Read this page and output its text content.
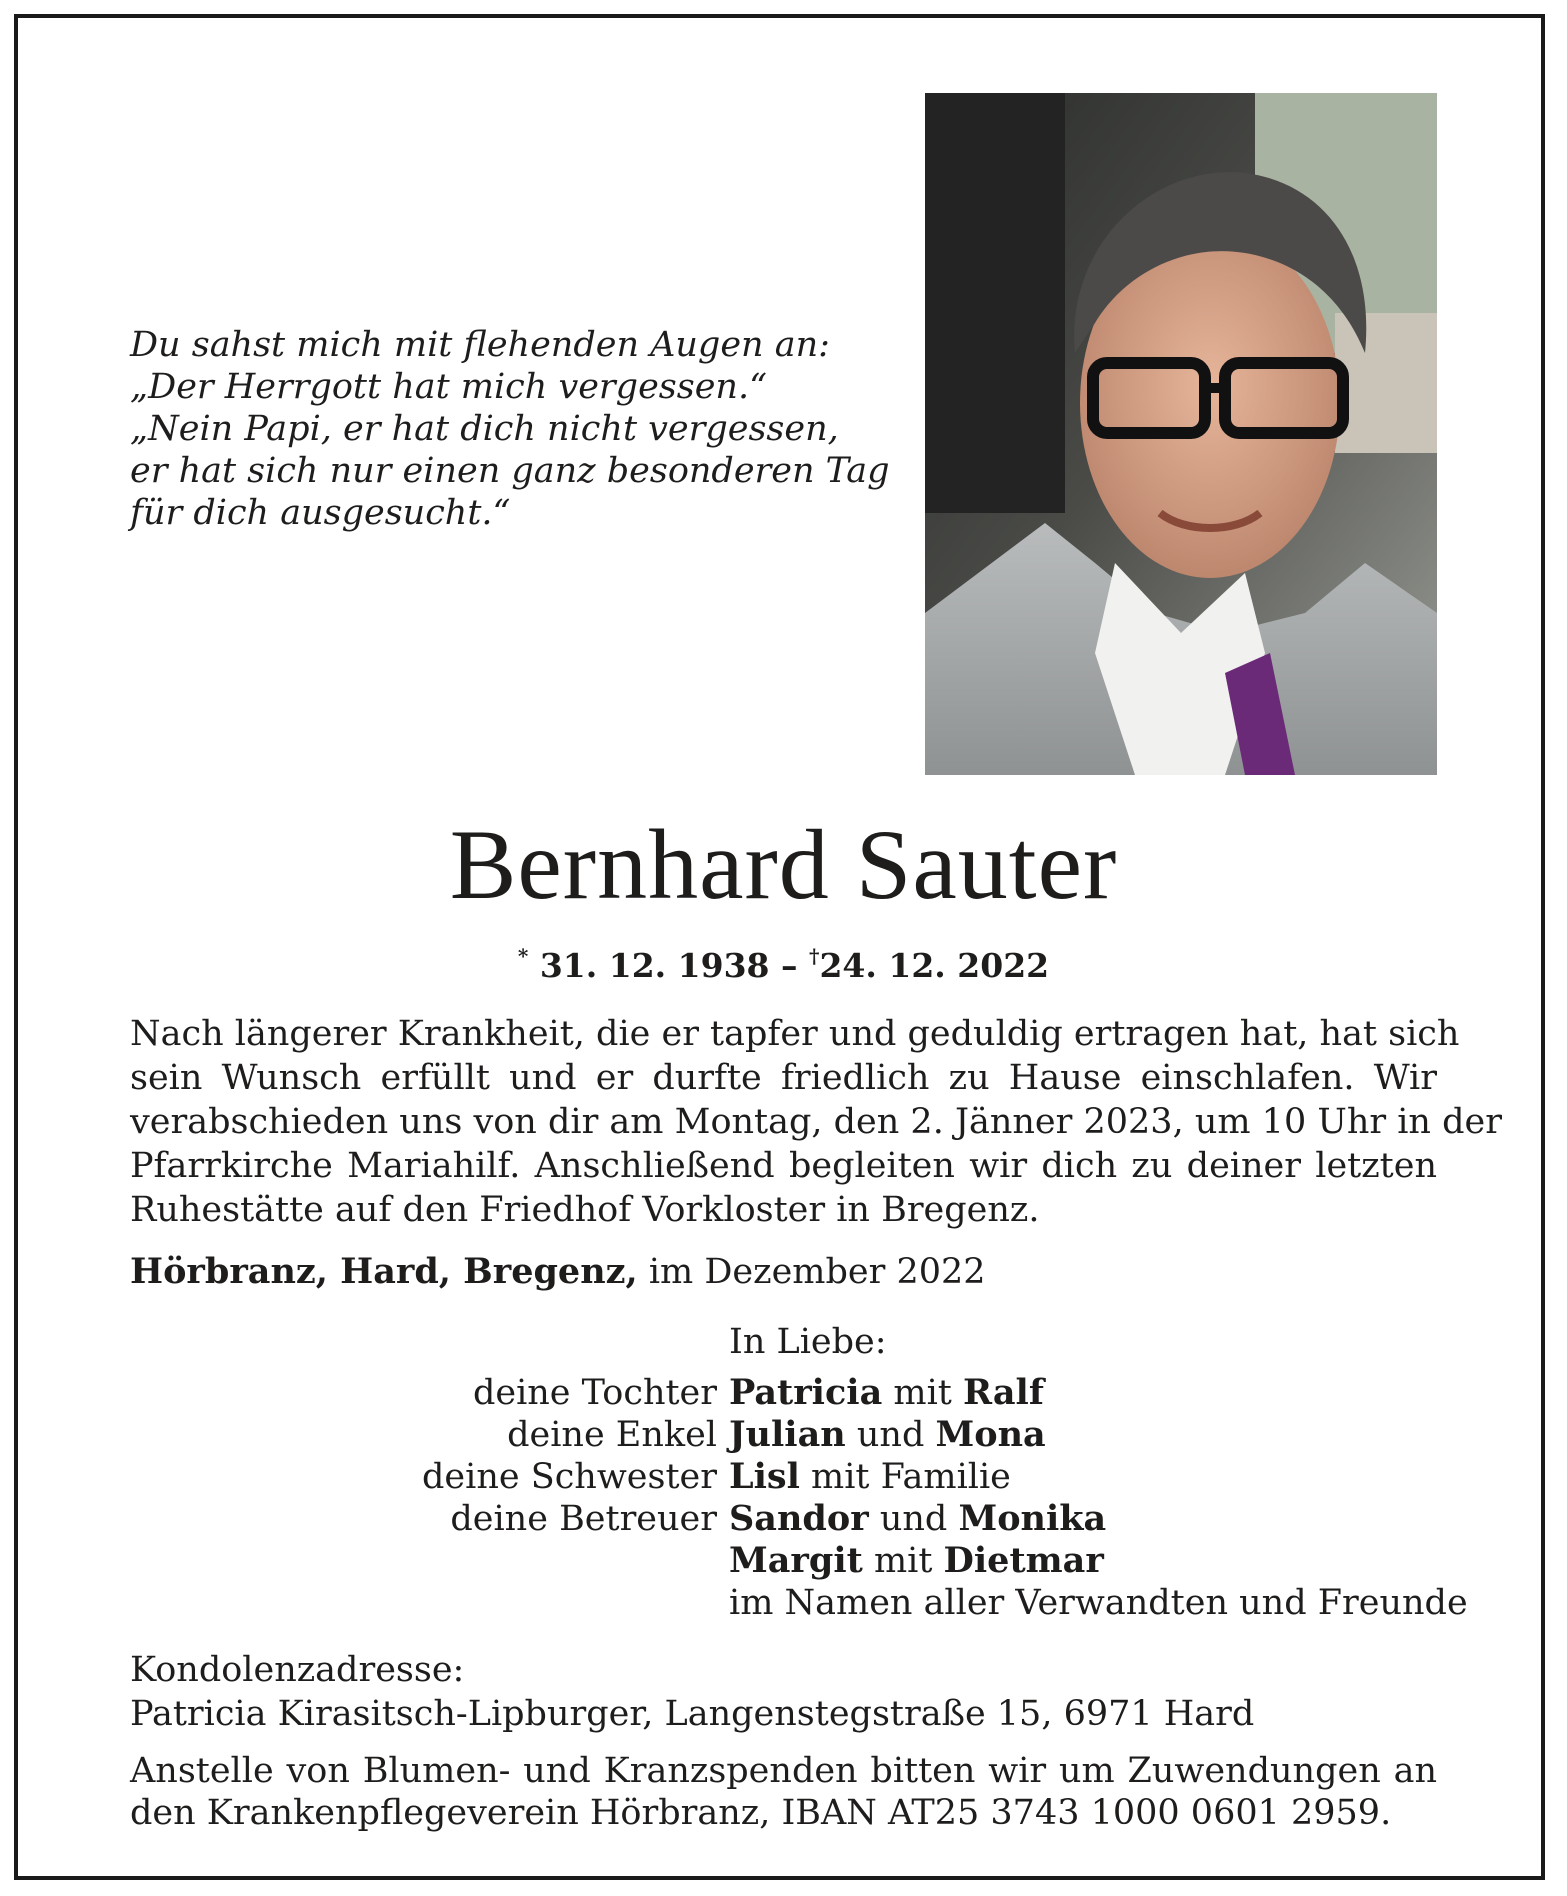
Du sahst mich mit flehenden Augen an:
„Der Herrgott hat mich vergessen.“
„Nein Papi, er hat dich nicht vergessen,
er hat sich nur einen ganz besonderen Tag
für dich ausgesucht.“
Bernhard Sauter
* 31. 12. 1938 – †24. 12. 2022
Nach längerer Krankheit, die er tapfer und geduldig ertragen hat, hat sich
sein Wunsch erfüllt und er durfte friedlich zu Hause einschlafen. Wir
verabschieden uns von dir am Montag, den 2. Jänner 2023, um 10 Uhr in der
Pfarrkirche Mariahilf. Anschließend begleiten wir dich zu deiner letzten
Ruhestätte auf den Friedhof Vorkloster in Bregenz.
Hörbranz, Hard, Bregenz, im Dezember 2022
In Liebe:
deine Tochter Patricia mit Ralf
deine Enkel Julian und Mona
deine Schwester Lisl mit Familie
deine Betreuer Sandor und Monika
Margit mit Dietmar
im Namen aller Verwandten und Freunde
Kondolenzadresse:
Patricia Kirasitsch-Lipburger, Langenstegstraße 15, 6971 Hard
Anstelle von Blumen- und Kranzspenden bitten wir um Zuwendungen an
den Krankenpflegeverein Hörbranz, IBAN AT25 3743 1000 0601 2959.
